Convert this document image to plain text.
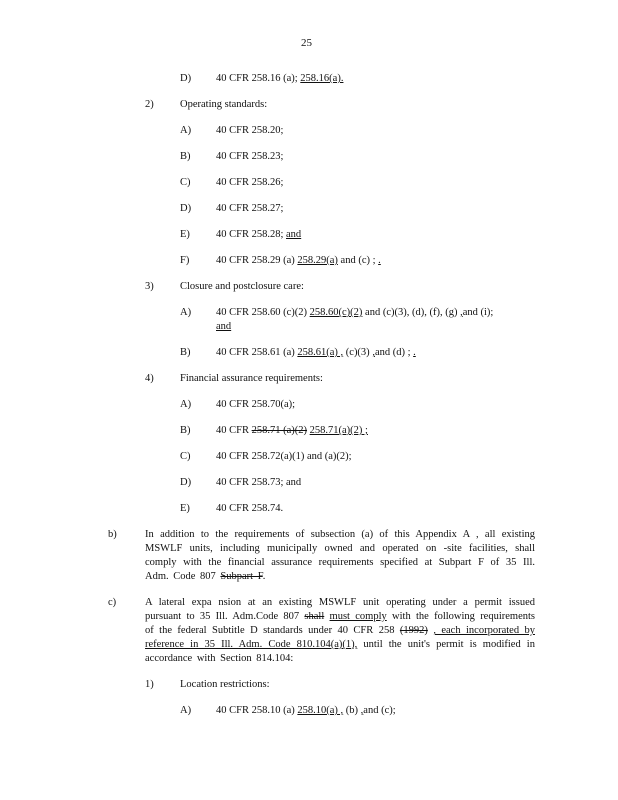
25
D) 40 CFR 258.16 (a); 258.16(a).
2)	Operating standards:
A) 40 CFR 258.20;
B) 40 CFR 258.23;
C) 40 CFR 258.26;
D) 40 CFR 258.27;
E) 40 CFR 258.28; and
F)	40 CFR 258.29 (a) 258.29(a) and (c) ; .
3)	Closure and postclosure care:
A) 40 CFR 258.60 (c)(2) 258.60(c)(2) and (c)(3), (d), (f), (g) ,and (i);
and
B) 40 CFR 258.61 (a) 258.61(a) , (c)(3) ,and (d) ; .
4)	Financial assurance requirements:
A) 40 CFR 258.70(a);
B) 40 CFR 258.71 (a)(2) 258.71(a)(2) ;
C) 40 CFR 258.72(a)(1) and (a)(2);
D) 40 CFR 258.73; and
E) 40 CFR 258.74.
b)	In addition to the requirements of subsection (a) of this Appendix A , all existing MSWLF units, including municipally owned and operated on -site facilities, shall comply with the financial assurance requirements specified at Subpart F of 35 Ill. Adm. Code 807 Subpart F.
c)	A lateral expa nsion at an existing MSWLF unit operating under a permit issued pursuant to 35 Ill. Adm.Code 807 shall must comply with the following requirements of the federal Subtitle D standards under 40 CFR 258 (1992) , each incorporated by reference in 35 Ill. Adm. Code 810.104(a)(1), until the unit's permit is modified in accordance with Section 814.104:
1)	Location restrictions:
A) 40 CFR 258.10 (a) 258.10(a) , (b) ,and (c);
